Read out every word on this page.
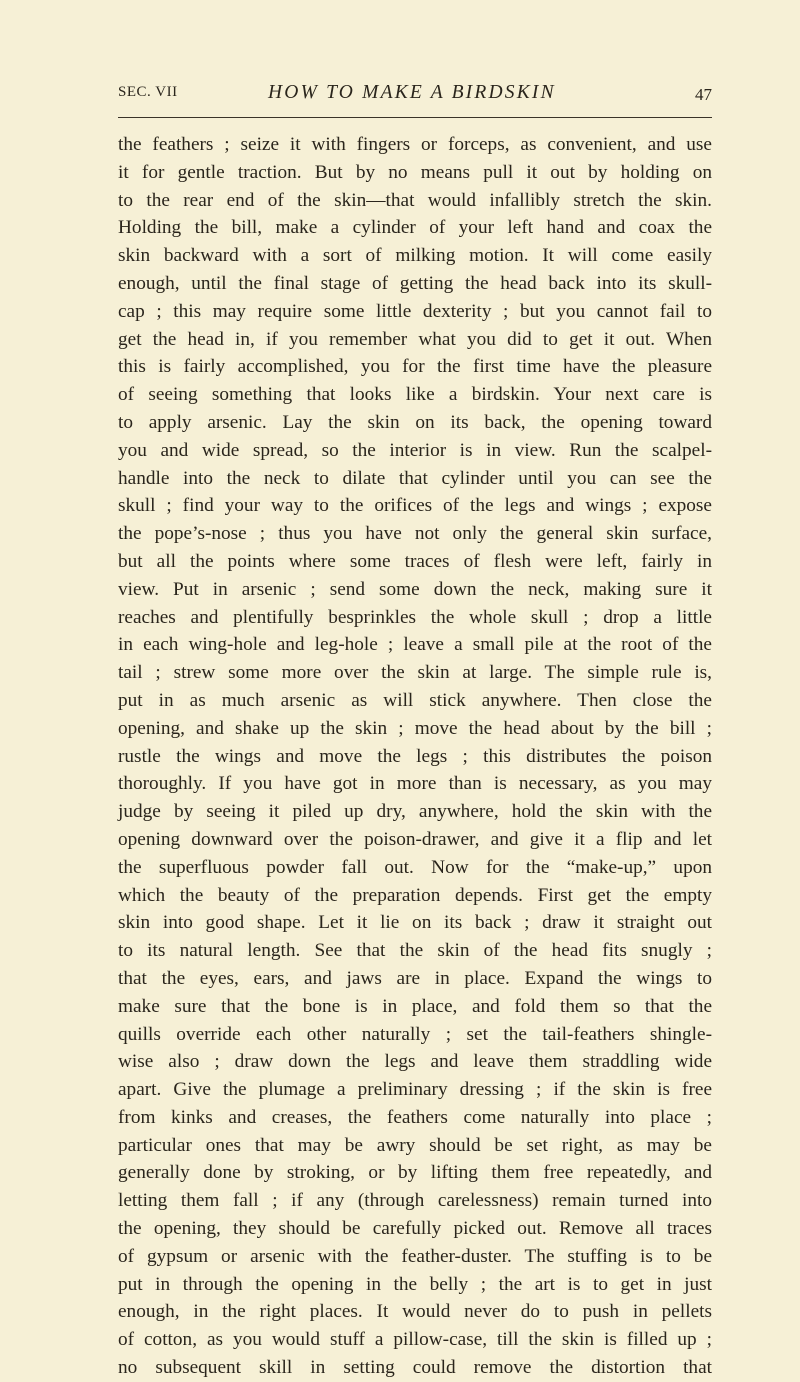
SEC. VII	HOW TO MAKE A BIRDSKIN	47
the feathers ; seize it with fingers or forceps, as convenient, and use
it for gentle traction. But by no means pull it out by holding on
to the rear end of the skin—that would infallibly stretch the skin.
Holding the bill, make a cylinder of your left hand and coax the
skin backward with a sort of milking motion. It will come easily
enough, until the final stage of getting the head back into its skull-
cap ; this may require some little dexterity ; but you cannot fail to
get the head in, if you remember what you did to get it out. When
this is fairly accomplished, you for the first time have the pleasure
of seeing something that looks like a birdskin. Your next care is
to apply arsenic. Lay the skin on its back, the opening toward
you and wide spread, so the interior is in view. Run the scalpel-
handle into the neck to dilate that cylinder until you can see the
skull ; find your way to the orifices of the legs and wings ; expose
the pope’s-nose ; thus you have not only the general skin surface,
but all the points where some traces of flesh were left, fairly in
view. Put in arsenic ; send some down the neck, making sure it
reaches and plentifully besprinkles the whole skull ; drop a little
in each wing-hole and leg-hole ; leave a small pile at the root of the
tail ; strew some more over the skin at large. The simple rule is,
put in as much arsenic as will stick anywhere. Then close the
opening, and shake up the skin ; move the head about by the bill ;
rustle the wings and move the legs ; this distributes the poison
thoroughly. If you have got in more than is necessary, as you may
judge by seeing it piled up dry, anywhere, hold the skin with the
opening downward over the poison-drawer, and give it a flip and let
the superfluous powder fall out. Now for the “make-up,” upon
which the beauty of the preparation depends. First get the empty
skin into good shape. Let it lie on its back ; draw it straight out
to its natural length. See that the skin of the head fits snugly ;
that the eyes, ears, and jaws are in place. Expand the wings to
make sure that the bone is in place, and fold them so that the
quills override each other naturally ; set the tail-feathers shingle-
wise also ; draw down the legs and leave them straddling wide
apart. Give the plumage a preliminary dressing ; if the skin is free
from kinks and creases, the feathers come naturally into place ;
particular ones that may be awry should be set right, as may be
generally done by stroking, or by lifting them free repeatedly, and
letting them fall ; if any (through carelessness) remain turned into
the opening, they should be carefully picked out. Remove all traces
of gypsum or arsenic with the feather-duster. The stuffing is to be
put in through the opening in the belly ; the art is to get in just
enough, in the right places. It would never do to push in pellets
of cotton, as you would stuff a pillow-case, till the skin is filled up ;
no subsequent skill in setting could remove the distortion that
